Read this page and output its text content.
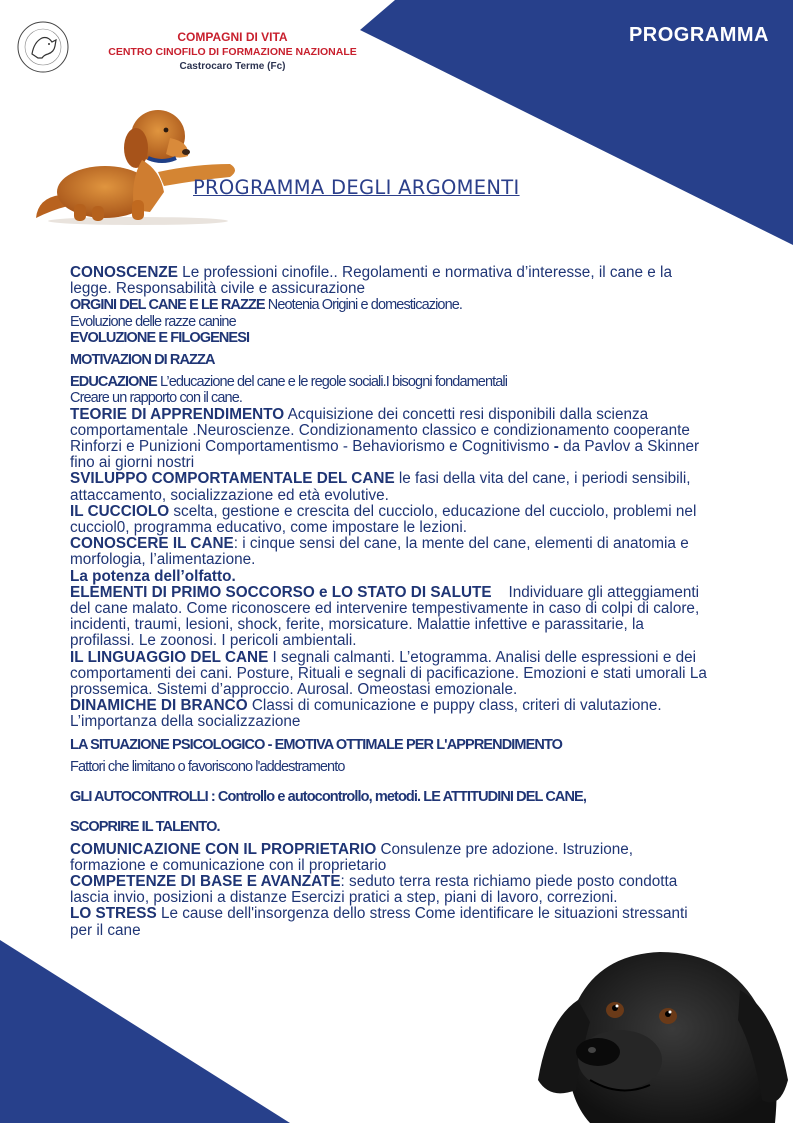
COMPAGNI DI VITA
CENTRO CINOFILO DI FORMAZIONE NAZIONALE
Castrocaro Terme (Fc)
PROGRAMMA
PROGRAMMA DEGLI ARGOMENTI

CONOSCENZE Le professioni cinofile.. Regolamenti e normativa d’interesse, il cane e la legge. Responsabilità civile e assicurazione

ORGINI DEL CANE E LE RAZZE Neotenia Origini e domesticazione.

Evoluzione delle razze canine

EVOLUZIONE E FILOGENESI

MOTIVAZION DI RAZZA

EDUCAZIONE L’educazione del cane e le regole sociali.I bisogni fondamentali

Creare un rapporto con il cane.

TEORIE DI APPRENDIMENTO Acquisizione dei concetti resi disponibili dalla scienza comportamentale .Neuroscienze. Condizionamento classico e condizionamento cooperante Rinforzi e Punizioni Comportamentismo - Behaviorismo e Cognitivismo - da Pavlov a Skinner fino ai giorni nostri

SVILUPPO COMPORTAMENTALE DEL CANE le fasi della vita del cane, i periodi sensibili, attaccamento, socializzazione ed età evolutive.

IL CUCCIOLO scelta, gestione e crescita del cucciolo, educazione del cucciolo, problemi nel cucciol0, programma educativo, come impostare le lezioni.

CONOSCERE IL CANE: i cinque sensi del cane, la mente del cane, elementi di anatomia e morfologia, l’alimentazione.

La potenza dell’olfatto.

ELEMENTI DI PRIMO SOCCORSO e LO STATO DI SALUTE    Individuare gli atteggiamenti del cane malato. Come riconoscere ed intervenire tempestivamente in caso di colpi di calore, incidenti, traumi, lesioni, shock, ferite, morsicature. Malattie infettive e parassitarie, la profilassi. Le zoonosi. I pericoli ambientali.

IL LINGUAGGIO DEL CANE I segnali calmanti. L’etogramma. Analisi delle espressioni e dei comportamenti dei cani. Posture, Rituali e segnali di pacificazione. Emozioni e stati umorali La prossemica. Sistemi d’approccio. Aurosal. Omeostasi emozionale.

DINAMICHE DI BRANCO Classi di comunicazione e puppy class, criteri di valutazione. L’importanza della socializzazione

LA SITUAZIONE PSICOLOGICO - EMOTIVA OTTIMALE PER L'APPRENDIMENTO

Fattori che limitano o favoriscono l'addestramento

GLI AUTOCONTROLLI : Controllo e autocontrollo, metodi. LE ATTITUDINI DEL CANE,

SCOPRIRE IL TALENTO.

COMUNICAZIONE CON IL PROPRIETARIO Consulenze pre adozione. Istruzione, formazione e comunicazione con il proprietario

COMPETENZE DI BASE E AVANZATE: seduto terra resta richiamo piede posto condotta lascia invio, posizioni a distanze Esercizi pratici a step, piani di lavoro, correzioni.

LO STRESS Le cause dell'insorgenza dello stress Come identificare le situazioni stressanti per il cane
